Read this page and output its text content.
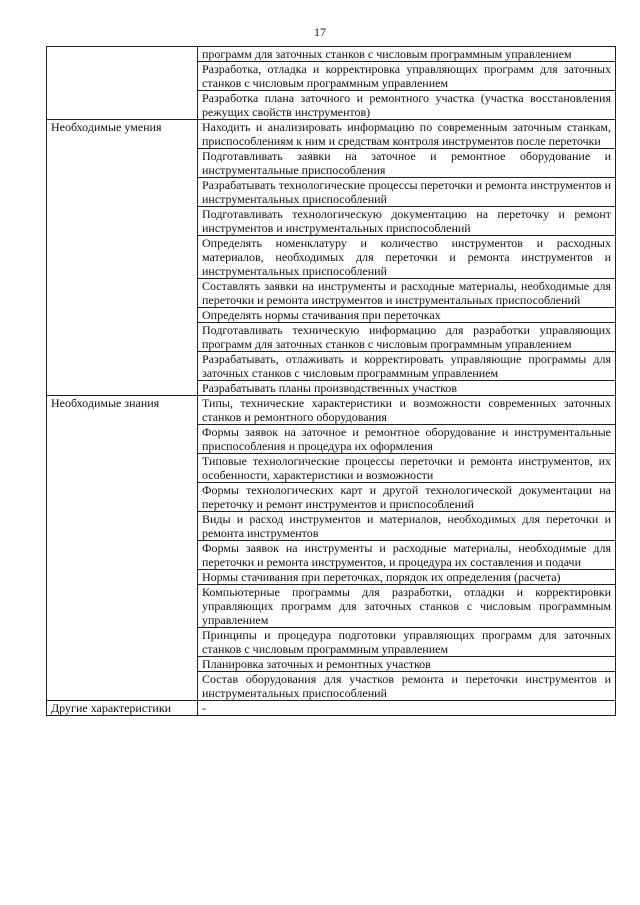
17
	программ для заточных станков с числовым программным управлением
	Разработка, отладка и корректировка управляющих программ для заточных станков с числовым программным управлением
	Разработка плана заточного и ремонтного участка (участка восстановления режущих свойств инструментов)
Необходимые умения	Находить и анализировать информацию по современным заточным станкам, приспособлениям к ним и средствам контроля инструментов после переточки
	Подготавливать заявки на заточное и ремонтное оборудование и инструментальные приспособления
	Разрабатывать технологические процессы переточки и ремонта инструментов и инструментальных приспособлений
	Подготавливать технологическую документацию на переточку и ремонт инструментов и инструментальных приспособлений
	Определять номенклатуру и количество инструментов и расходных материалов, необходимых для переточки и ремонта инструментов и инструментальных приспособлений
	Составлять заявки на инструменты и расходные материалы, необходимые для переточки и ремонта инструментов и инструментальных приспособлений
	Определять нормы стачивания при переточках
	Подготавливать техническую информацию для разработки управляющих программ для заточных станков с числовым программным управлением
	Разрабатывать, отлаживать и корректировать управляющие программы для заточных станков с числовым программным управлением
	Разрабатывать планы производственных участков
Необходимые знания	Типы, технические характеристики и возможности современных заточных станков и ремонтного оборудования
	Формы заявок на заточное и ремонтное оборудование и инструментальные приспособления и процедура их оформления
	Типовые технологические процессы переточки и ремонта инструментов, их особенности, характеристики и возможности
	Формы технологических карт и другой технологической документации на переточку и ремонт инструментов и приспособлений
	Виды и расход инструментов и материалов, необходимых для переточки и ремонта инструментов
	Формы заявок на инструменты и расходные материалы, необходимые для переточки и ремонта инструментов, и процедура их составления и подачи
	Нормы стачивания при переточках, порядок их определения (расчета)
	Компьютерные программы для разработки, отладки и корректировки управляющих программ для заточных станков с числовым программным управлением
	Принципы и процедура подготовки управляющих программ для заточных станков с числовым программным управлением
	Планировка заточных и ремонтных участков
	Состав оборудования для участков ремонта и переточки инструментов и инструментальных приспособлений
Другие характеристики	-
